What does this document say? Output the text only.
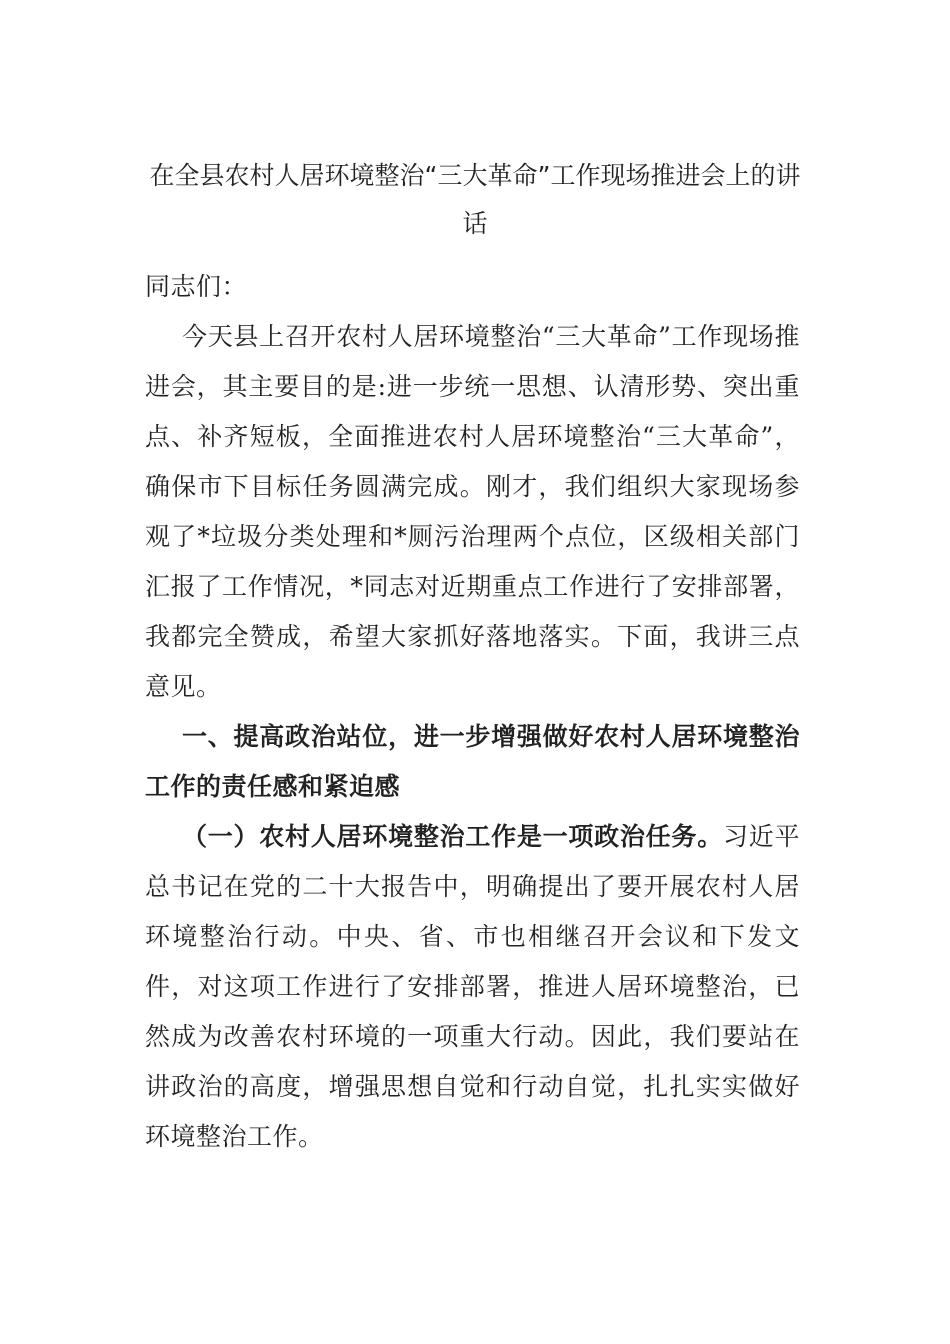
在全县农村人居环境整治“三大革命”工作现场推进会上的讲话

同志们：

今天县上召开农村人居环境整治“三大革命”工作现场推进会，其主要目的是:进一步统一思想、认清形势、突出重点、补齐短板，全面推进农村人居环境整治“三大革命”，确保市下目标任务圆满完成。刚才，我们组织大家现场参观了*垃圾分类处理和*厕污治理两个点位，区级相关部门汇报了工作情况，*同志对近期重点工作进行了安排部署，我都完全赞成，希望大家抓好落地落实。下面，我讲三点意见。

一、提高政治站位，进一步增强做好农村人居环境整治工作的责任感和紧迫感

（一）农村人居环境整治工作是一项政治任务。习近平总书记在党的二十大报告中，明确提出了要开展农村人居环境整治行动。中央、省、市也相继召开会议和下发文件，对这项工作进行了安排部署，推进人居环境整治，已然成为改善农村环境的一项重大行动。因此，我们要站在讲政治的高度，增强思想自觉和行动自觉，扎扎实实做好环境整治工作。
